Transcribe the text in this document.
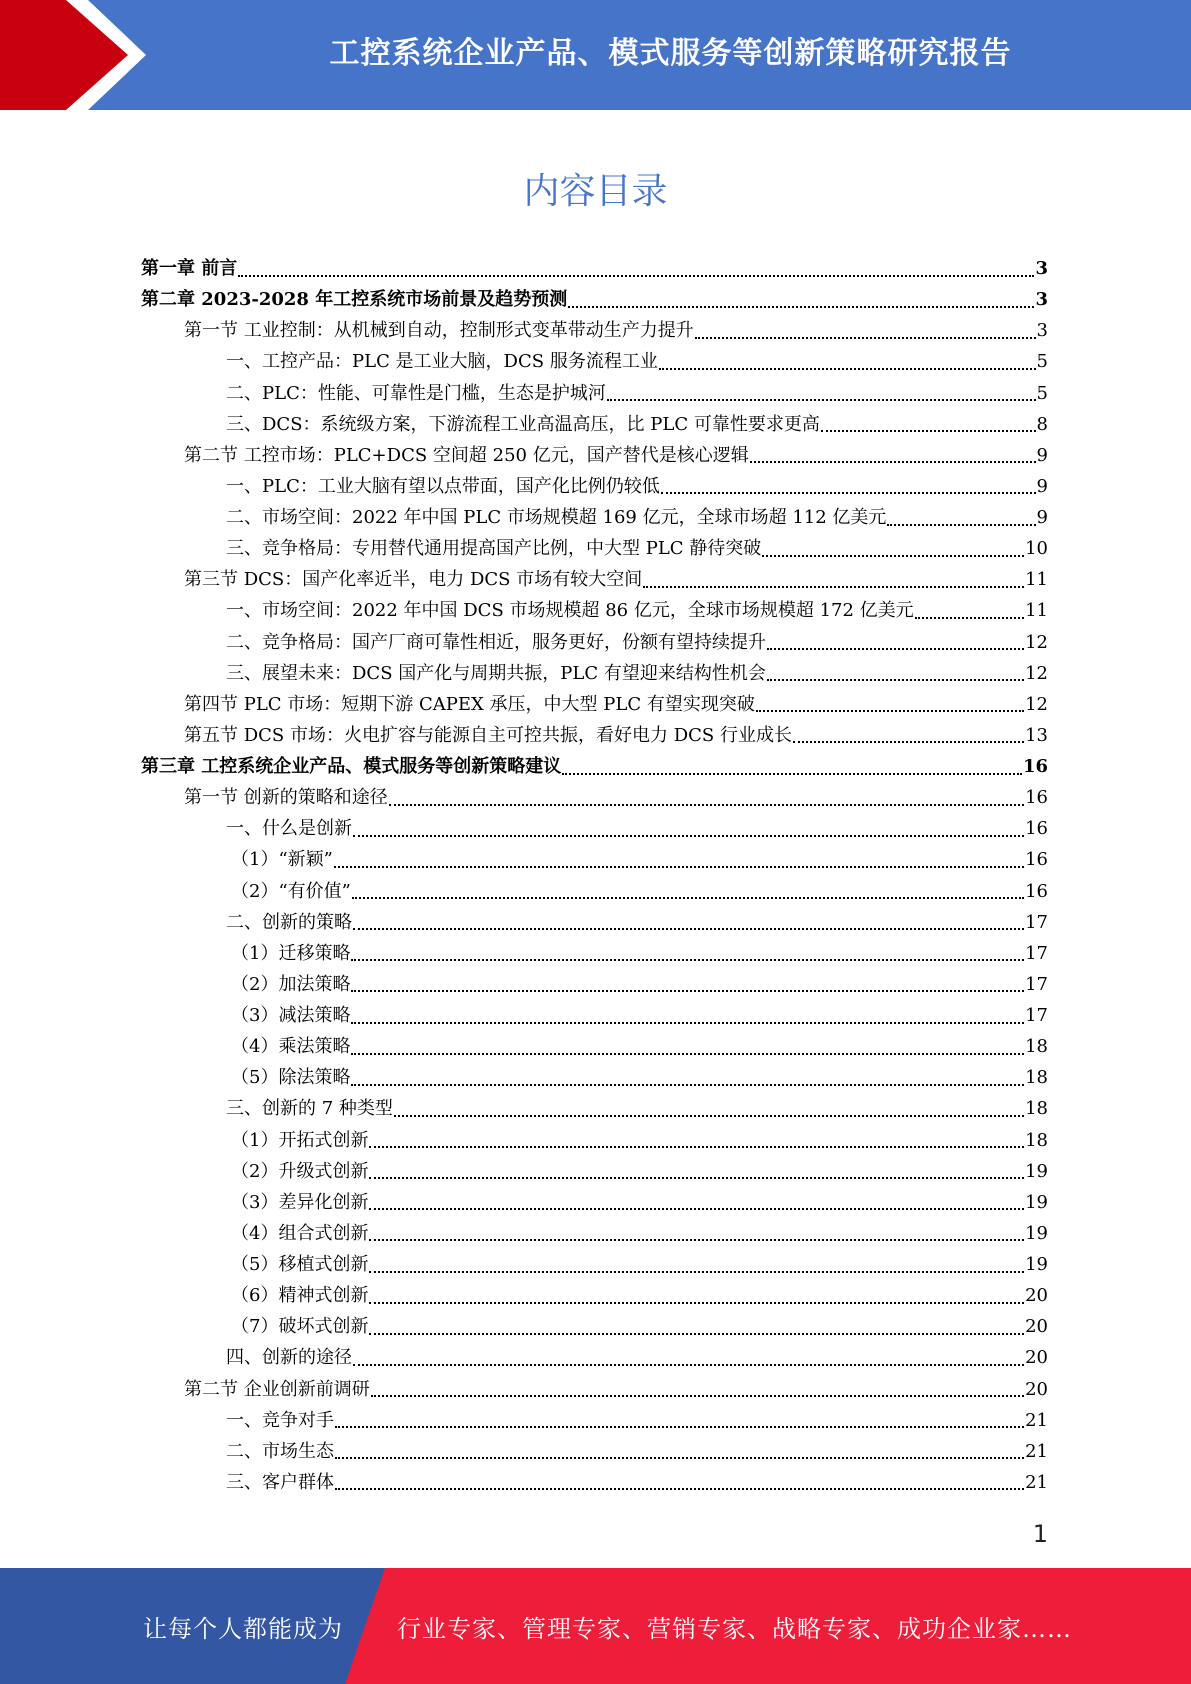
工控系统企业产品、模式服务等创新策略研究报告
内容目录
第一章 前言	3
第二章 2023-2028 年工控系统市场前景及趋势预测	3
第一节 工业控制：从机械到自动，控制形式变革带动生产力提升	3
一、工控产品：PLC 是工业大脑，DCS 服务流程工业	5
二、PLC：性能、可靠性是门槛，生态是护城河	5
三、DCS：系统级方案，下游流程工业高温高压，比 PLC 可靠性要求更高	8
第二节 工控市场：PLC+DCS 空间超 250 亿元，国产替代是核心逻辑	9
一、PLC：工业大脑有望以点带面，国产化比例仍较低	9
二、市场空间：2022 年中国 PLC 市场规模超 169 亿元，全球市场超 112 亿美元	9
三、竞争格局：专用替代通用提高国产比例，中大型 PLC 静待突破	10
第三节 DCS：国产化率近半，电力 DCS 市场有较大空间	11
一、市场空间：2022 年中国 DCS 市场规模超 86 亿元，全球市场规模超 172 亿美元	11
二、竞争格局：国产厂商可靠性相近，服务更好，份额有望持续提升	12
三、展望未来：DCS 国产化与周期共振，PLC 有望迎来结构性机会	12
第四节 PLC 市场：短期下游 CAPEX 承压，中大型 PLC 有望实现突破	12
第五节 DCS 市场：火电扩容与能源自主可控共振，看好电力 DCS 行业成长	13
第三章 工控系统企业产品、模式服务等创新策略建议	16
第一节 创新的策略和途径	16
一、什么是创新	16
（1）“新颖”	16
（2）“有价值”	16
二、创新的策略	17
（1）迁移策略	17
（2）加法策略	17
（3）减法策略	17
（4）乘法策略	18
（5）除法策略	18
三、创新的 7 种类型	18
（1）开拓式创新	18
（2）升级式创新	19
（3）差异化创新	19
（4）组合式创新	19
（5）移植式创新	19
（6）精神式创新	20
（7）破坏式创新	20
四、创新的途径	20
第二节 企业创新前调研	20
一、竞争对手	21
二、市场生态	21
三、客户群体	21
1
让每个人都能成为 行业专家、管理专家、营销专家、战略专家、成功企业家……
